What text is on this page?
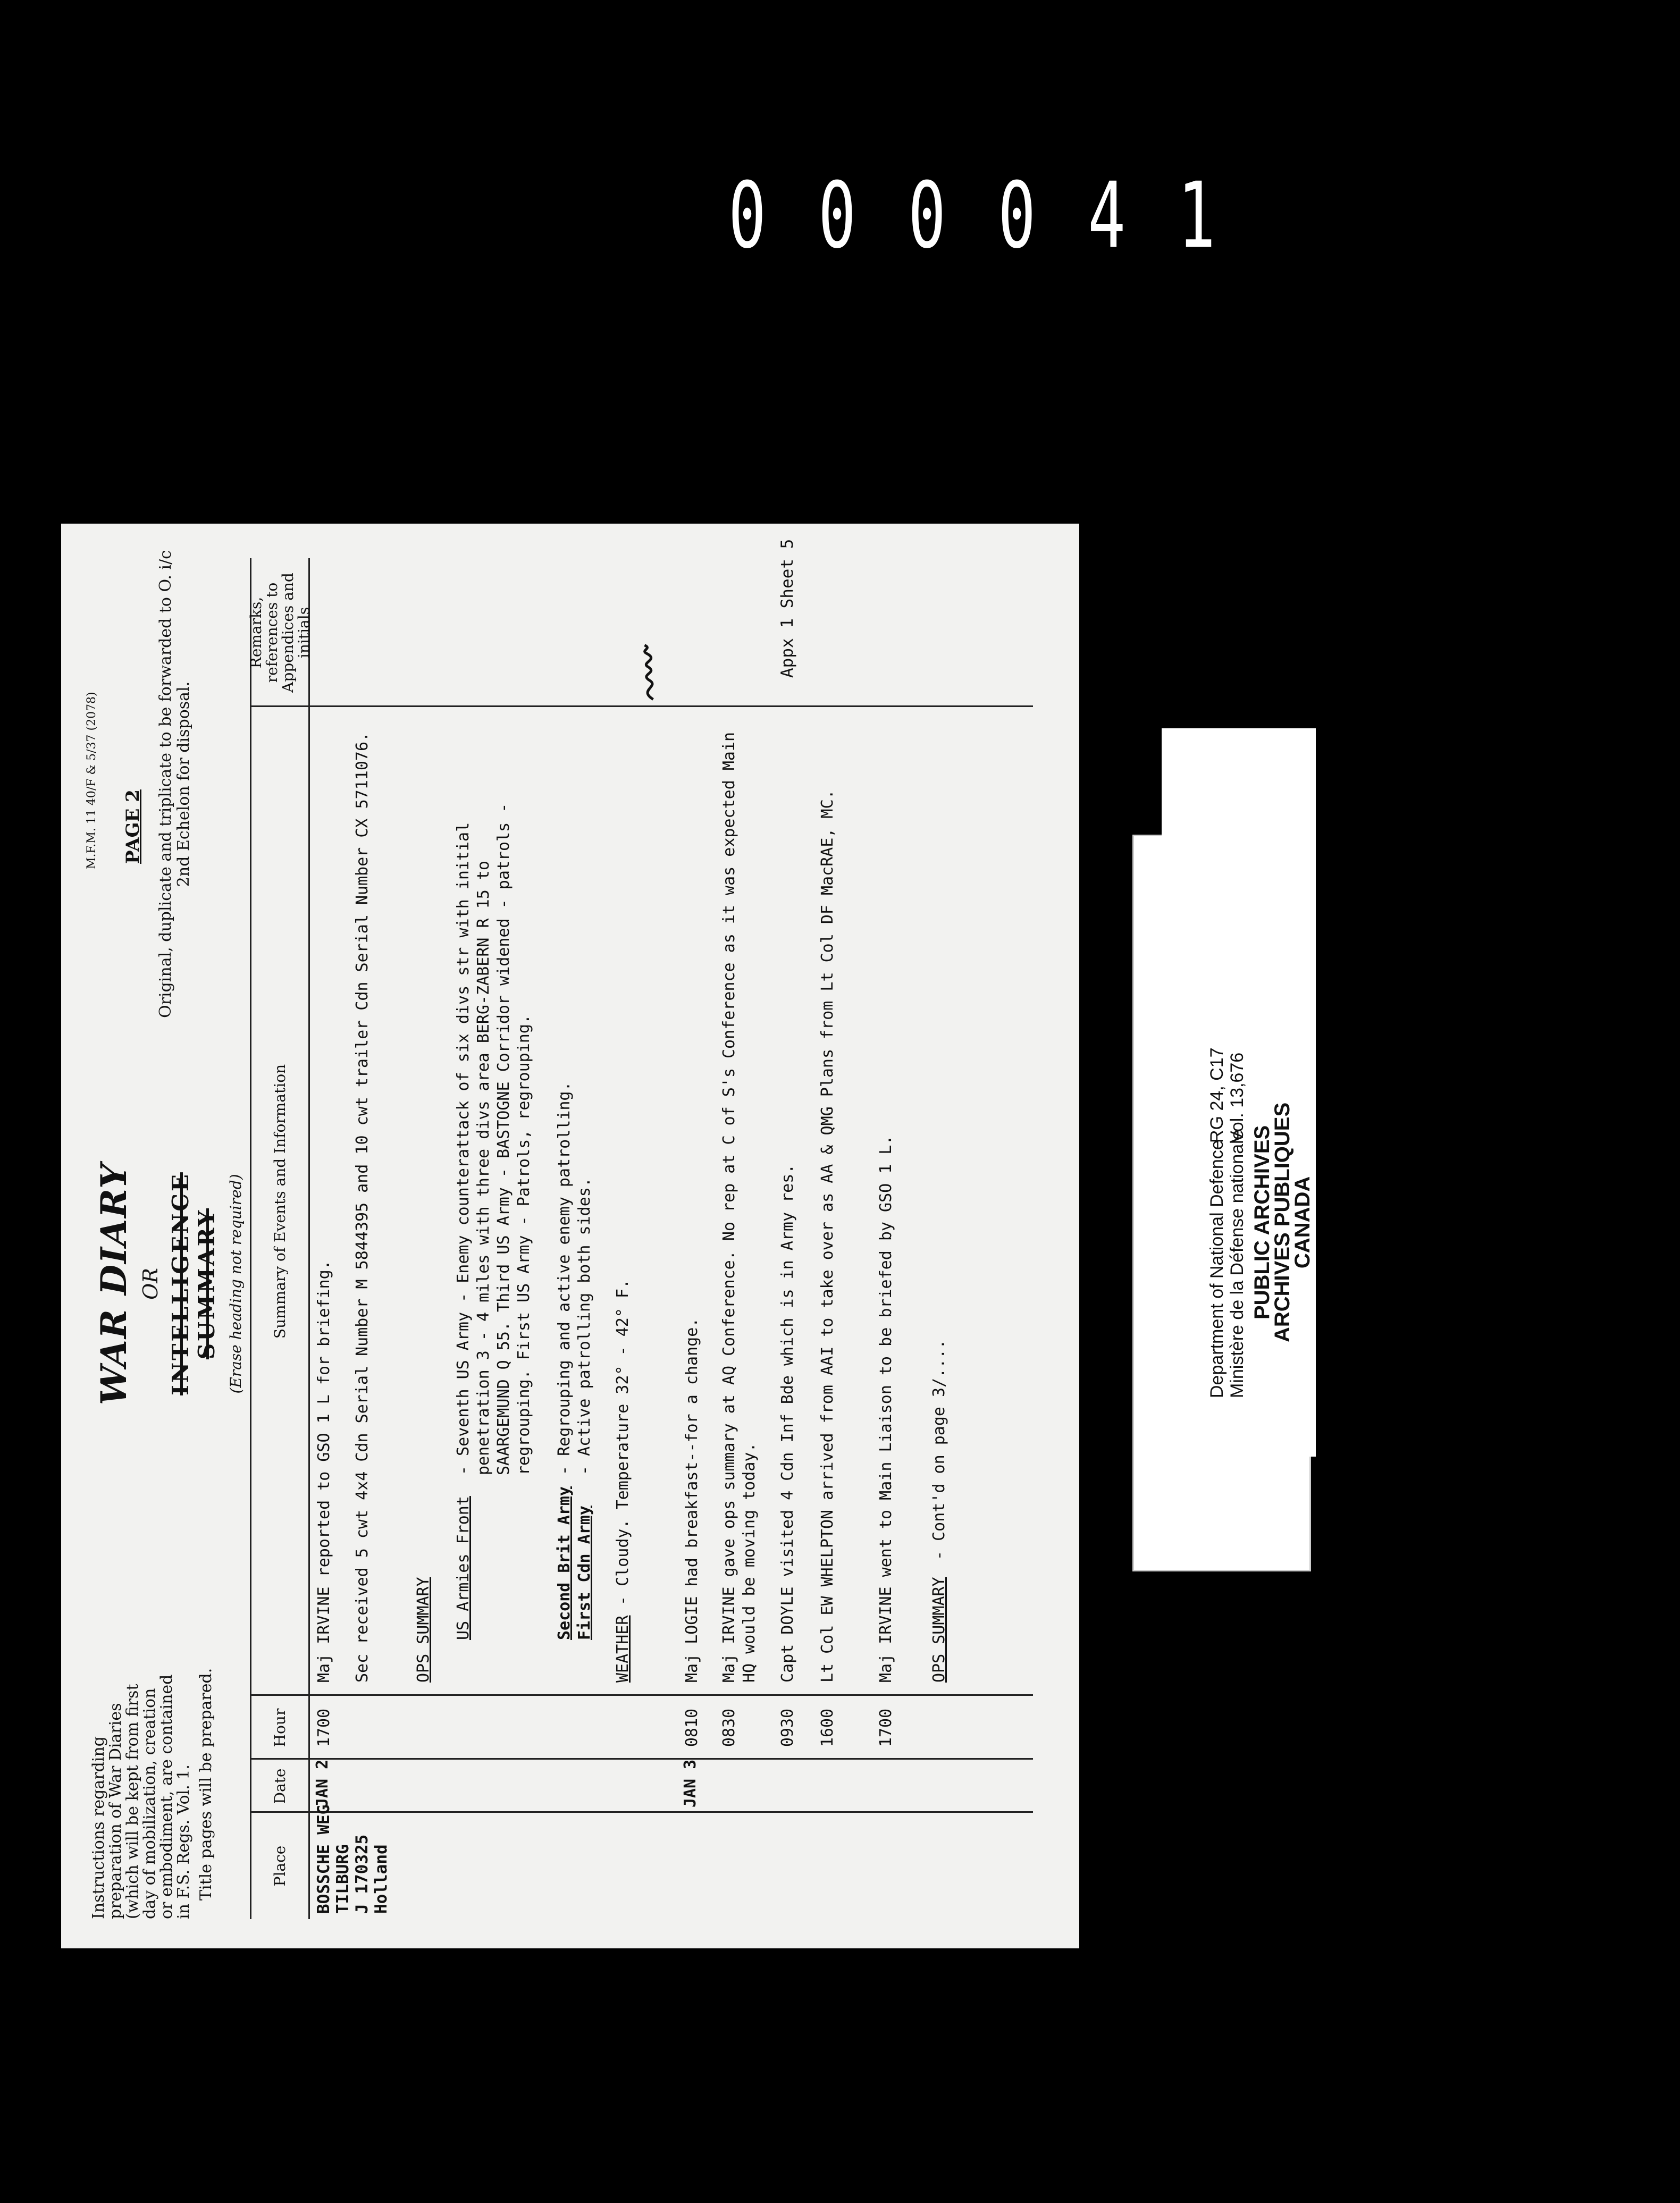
000041
Instructions regarding preparation of War Diaries (which will be kept from first day of mobilization, creation or embodiment, are contained in F.S. Regs. Vol. 1. Title pages will be prepared.
WAR DIARY OR INTELLIGENCE SUMMARY (Erase heading not required)
M.F.M. 11 40/F & 5/37 (2078) PAGE 2 Original, duplicate and triplicate to be forwarded to O. i/c 2nd Echelon for disposal.
Place
Date
Hour
Summary of Events and Information
Remarks, references to Appendices and initials
BOSSCHE WEG TILBURG J 170325 Holland
JAN 2	JAN 3
1700
Maj IRVINE reported to GSO 1 L for briefing. Sec received 5 cwt 4x4 Cdn Serial Number M 5844395 and 10 cwt trailer Cdn Serial Number CX 5711076.	OPS SUMMARY US Armies Front
- Seventh US Army - Enemy counterattack of six divs str with initial penetration 3 - 4 miles with three divs area BERG-ZABERN R 15 to SAARGEMUND Q 55. Third US Army - BASTOGNE Corridor widened - patrols - regrouping. First US Army - Patrols, regrouping.
Second Brit Army
- Regrouping and active enemy patrolling.
First Cdn Army
- Active patrolling both sides.
WEATHER
- Cloudy. Temperature 32° - 42° F.
0810
Maj LOGIE had breakfast--for a change.
0830
Maj IRVINE gave ops summary at AQ Conference. No rep at C of S's Conference as it was expected Main HQ would be moving today.
0930
Capt DOYLE visited 4 Cdn Inf Bde which is in Army res.
1600
Lt Col EW WHELPTON arrived from AAI to take over as AA & QMG Plans from Lt Col DF MacRAE, MC.
1700
Maj IRVINE went to Main Liaison to be briefed by GSO 1 L. OPS SUMMARY
- Cont'd on page 3/....
Appx 1 Sheet 5
Department of National Defence Ministère de la Défense nationale
RG 24, C17 Vol. 13,676
PUBLIC ARCHIVES
ARCHIVES PUBLIQUES
CANADA
